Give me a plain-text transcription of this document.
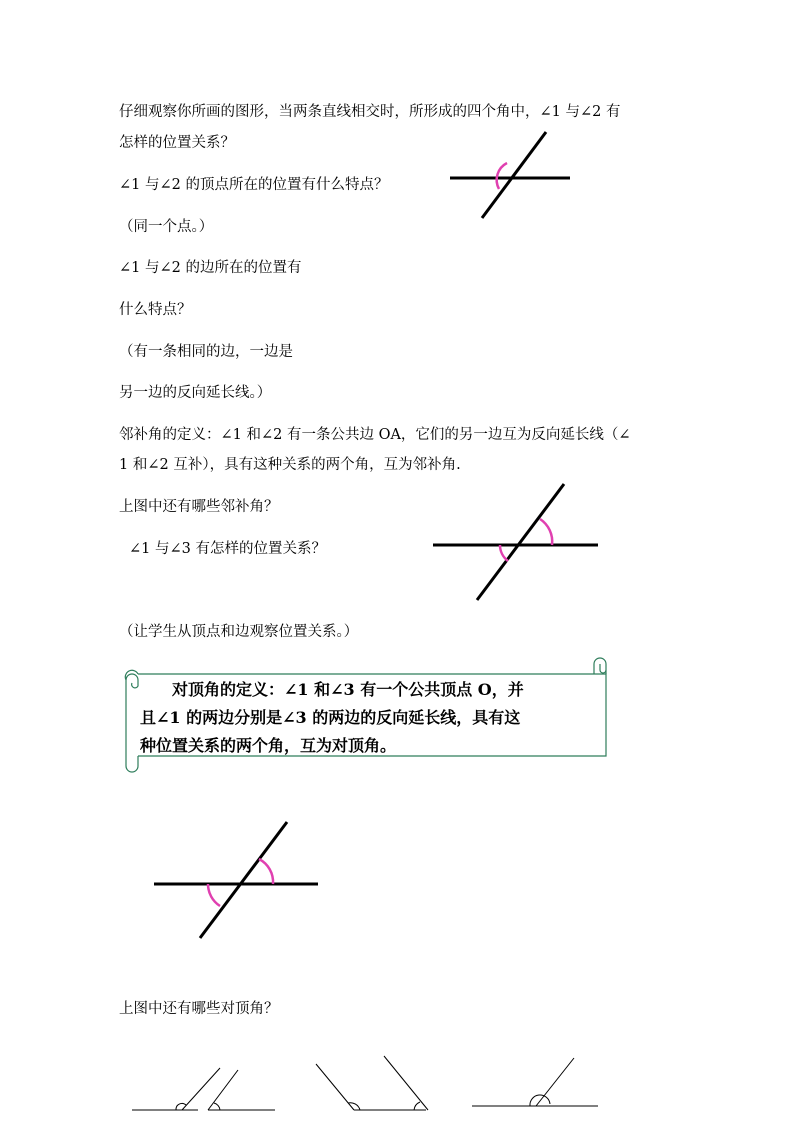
仔细观察你所画的图形，当两条直线相交时，所形成的四个角中，∠1 与∠2 有
怎样的位置关系？
∠1 与∠2 的顶点所在的位置有什么特点？
（同一个点。）
∠1 与∠2 的边所在的位置有
什么特点？
（有一条相同的边，一边是
另一边的反向延长线。）
邻补角的定义：∠1 和∠2 有一条公共边 OA，它们的另一边互为反向延长线（∠
1 和∠2 互补），具有这种关系的两个角，互为邻补角.
上图中还有哪些邻补角？
∠1 与∠3 有怎样的位置关系？
（让学生从顶点和边观察位置关系。）
上图中还有哪些对顶角？
对顶角的定义：∠1 和∠3 有一个公共顶点 O，并
且∠1 的两边分别是∠3 的两边的反向延长线，具有这
种位置关系的两个角，互为对顶角。
